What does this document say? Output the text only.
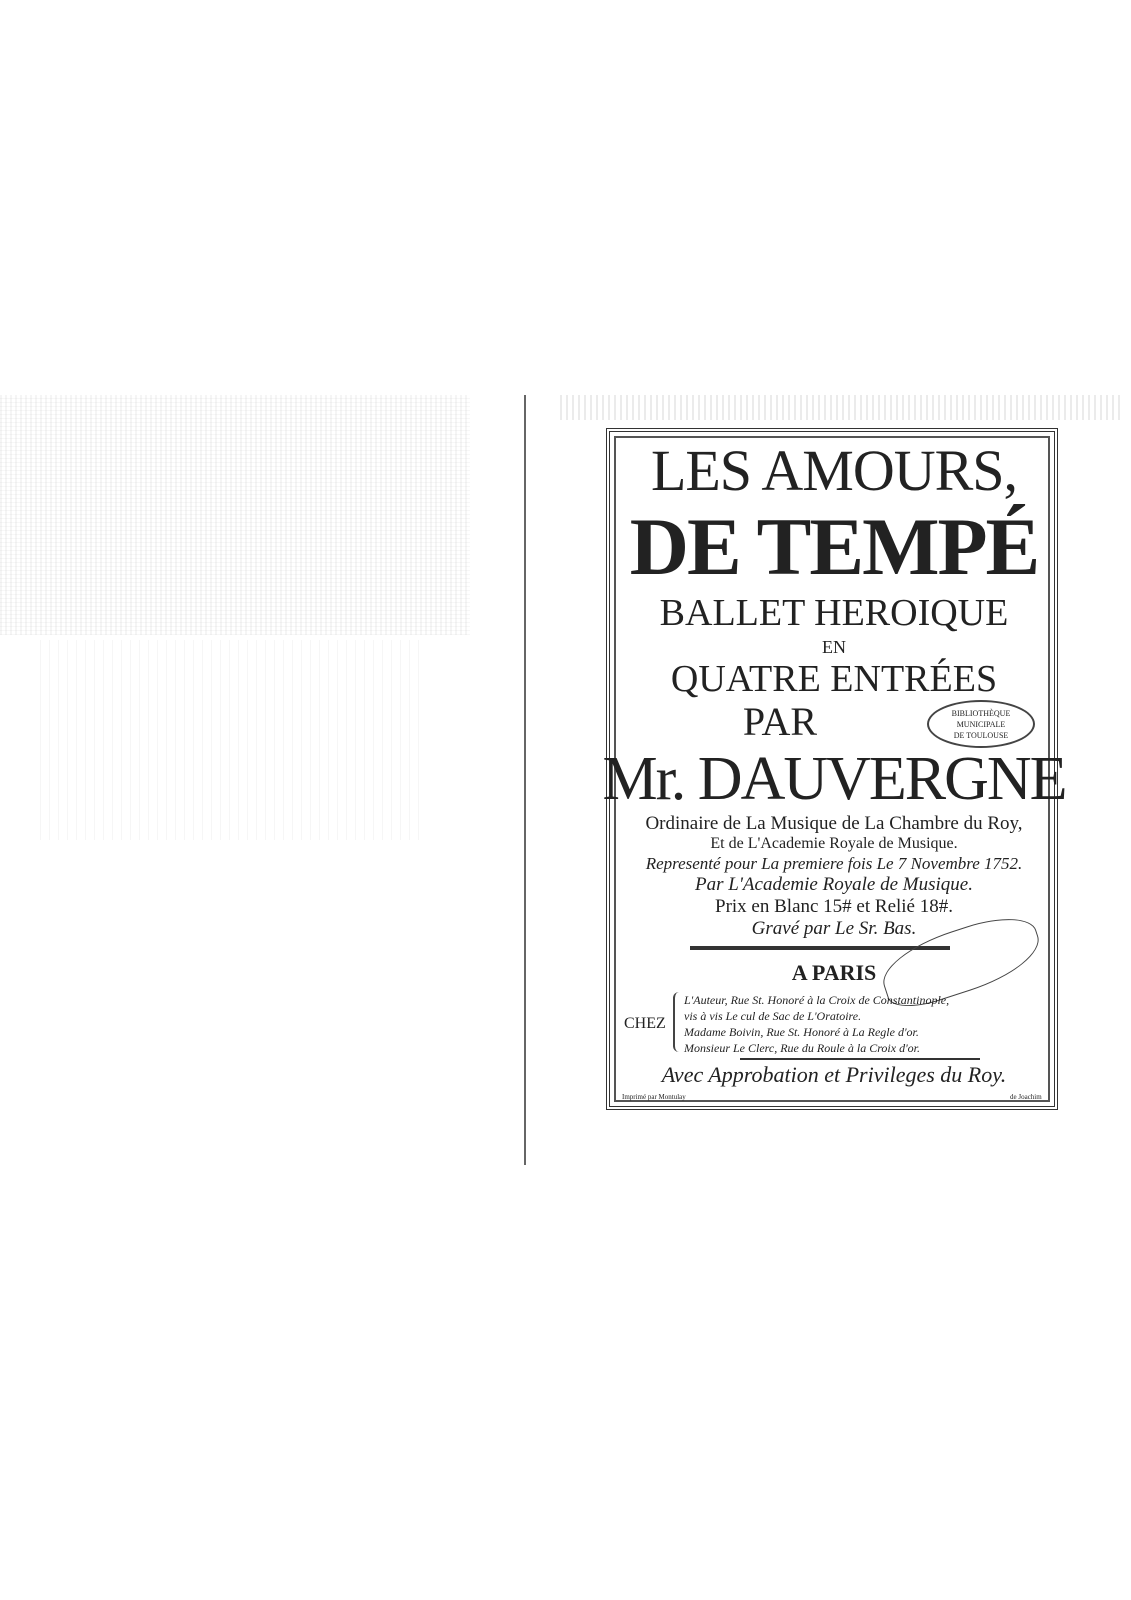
LES AMOURS,
DE TEMPÉ
BALLET HEROIQUE
EN
QUATRE ENTRÉES
PAR	BIBLIOTHÈQUE
MUNICIPALE
DE TOULOUSE
Mr. DAUVERGNE
Ordinaire de La Musique de La Chambre du Roy,
Et de L'Academie Royale de Musique.
Representé pour La premiere fois Le 7 Novembre 1752.
Par L'Academie Royale de Musique.
Prix en Blanc 15# et Relié 18#.
Gravé par Le Sr. Bas.
A PARIS
CHEZ
L'Auteur, Rue St. Honoré à la Croix de Constantinople,
vis à vis Le cul de Sac de L'Oratoire.
Madame Boivin, Rue St. Honoré à La Regle d'or.
Monsieur Le Clerc, Rue du Roule à la Croix d'or.
Avec Approbation et Privileges du Roy.
Imprimé par Montulay	de Joachim
